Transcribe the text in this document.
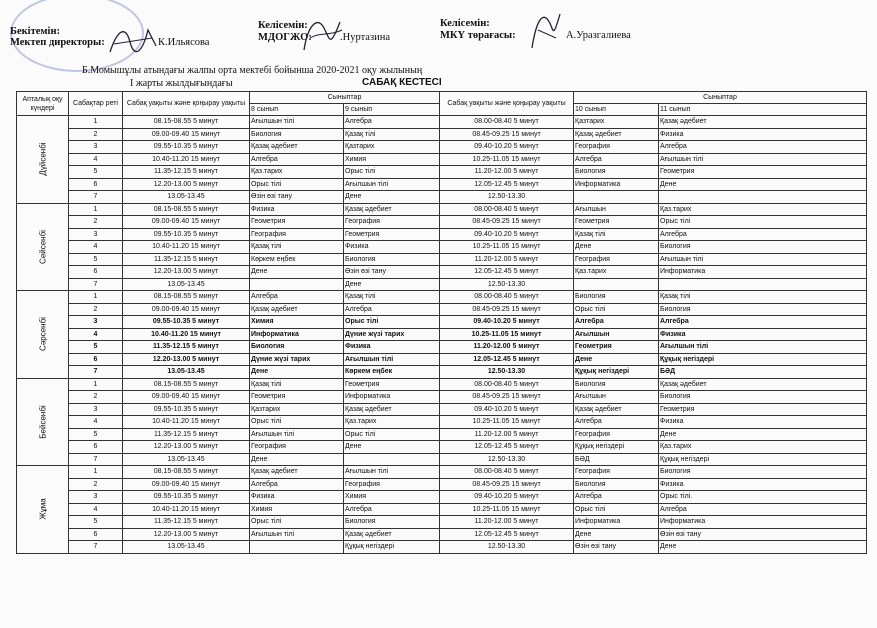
Бекітемін:
Мектеп директоры:	К.Ильясова
Келісемін:
МДОГЖО:	.Нуртазина
Келісемін:
МКҮ төрағасы:	А.Уразгалиева
Б.Момышұлы атындағы жалпы орта мектебі бойынша 2020-2021 оқу жылының
I жарты жылдығындағы	САБАҚ КЕСТЕСІ
Апталық оқу күндері	Сабақтар реті	Сабақ уақыты және қоңырау уақыты	Сыныптар		Сабақ уақыты және қоңырау уақыты	Сыныптар	
			8 сынып	9 сынып		10 сынып	11 сынып

Дүйсенбі	1	08.15-08.55 5 минут	Ағылшын тілі	Алгебра	08.00-08.40 5 минут	Қазтарих	Қазақ әдебиет
	2	09.00-09.40 15 минут	Биология	Қазақ тілі	08.45-09.25 15 минут	Қазақ әдебиет	Физика
	3	09.55-10.35 5 минут	Қазақ әдебиет	Қазтарих	09.40-10.20 5 минут	География	Алгебра
	4	10.40-11.20 15 минут	Алгебра	Химия	10.25-11.05 15 минут	Алгебра	Ағылшын тілі
	5	11.35-12.15 5 минут	Қаз.тарих	Орыс тілі	11.20-12.00 5 минут	Биология	Геометрия
	6	12.20-13.00 5 минут	Орыс тілі	Ағылшын тілі	12.05-12.45 5 минут	Информатика	Дене
	7	13.05-13.45	Өзін өзі тану	Дене	12.50-13.30		

Сейсенбі	1	08.15-08.55 5 минут	Физика	Қазақ әдебиет	08.00-08.40 5 минут	Ағылшын	Қаз.тарих
	2	09.00-09.40 15 минут	Геометрия	География	08.45-09.25 15 минут	Геометрия	Орыс тілі
	3	09.55-10.35 5 минут	География	Геометрия	09.40-10.20 5 минут	Қазақ тілі	Алгебра
	4	10.40-11.20 15 минут	Қазақ тілі	Физика	10.25-11.05 15 минут	Дене	Биология
	5	11.35-12.15 5 минут	Көркем еңбек	Биология	11.20-12.00 5 минут	География	Ағылшын тілі
	6	12.20-13.00 5 минут	Дене	Өзін өзі тану	12.05-12.45 5 минут	Қаз.тарих	Информатика
	7	13.05-13.45		Дене	12.50-13.30		

Сәрсенбі	1	08.15-08.55 5 минут	Алгебра	Қазақ тілі	08.00-08.40 5 минут	Биология	Қазақ тілі
	2	09.00-09.40 15 минут	Қазақ әдебиет	Алгебра	08.45-09.25 15 минут	Орыс тілі	Биология
	3	09.55-10.35 5 минут	Химия	Орыс тілі	09.40-10.20 5 минут	Алгебра	Алгебра
	4	10.40-11.20 15 минут	Информатика	Дүние жүзі тарих	10.25-11.05 15 минут	Ағылшын	Физика
	5	11.35-12.15 5 минут	Биология	Физика	11.20-12.00 5 минут	Геометрия	Ағылшын тілі
	6	12.20-13.00 5 минут	Дүние жүзі тарих	Ағылшын тілі	12.05-12.45 5 минут	Дене	Құқық негіздері
	7	13.05-13.45	Дене	Көркем еңбек	12.50-13.30	Құқық негіздері	БӘД

Бейсенбі	1	08.15-08.55 5 минут	Қазақ тілі	Геометрия	08.00-08.40 5 минут	Биология	Қазақ әдебиет
	2	09.00-09.40 15 минут	Геометрия	Информатика	08.45-09.25 15 минут	Ағылшын	Биология
	3	09.55-10.35 5 минут	Қазтарих	Қазақ әдебиет	09.40-10.20 5 минут	Қазақ әдебиет	Геометрия
	4	10.40-11.20 15 минут	Орыс тілі	Қаз.тарих	10.25-11.05 15 минут	Алгебра	Физика
	5	11.35-12.15 5 минут	Ағылшын тілі	Орыс тілі	11.20-12.00 5 минут	География	Дене
	6	12.20-13.00 5 минут	География	Дене	12.05-12.45 5 минут	Құқық негіздері	Қаз.тарих
	7	13.05-13.45	Дене		12.50-13.30	БӘД	Құқық негіздері

Жұма	1	08.15-08.55 5 минут	Қазақ әдебиет	Ағылшын тілі	08.00-08.40 5 минут	География	Биология
	2	09.00-09.40 15 минут	Алгебра	География	08.45-09.25 15 минут	Биология	Физика
	3	09.55-10.35 5 минут	Физика	Химия	09.40-10.20 5 минут	Алгебра	Орыс тілі.
	4	10.40-11.20 15 минут	Химия	Алгебра	10.25-11.05 15 минут	Орыс тілі	Алгебра
	5	11.35-12.15 5 минут	Орыс тілі	Биология	11.20-12.00 5 минут	Информатика	Информатика
	6	12.20-13.00 5 минут	Ағылшын тілі	Қазақ әдебиет	12.05-12.45 5 минут	Дене	Өзін өзі тану
	7	13.05-13.45		Құқық негіздері	12.50-13.30	Өзін өзі тану	Дене
